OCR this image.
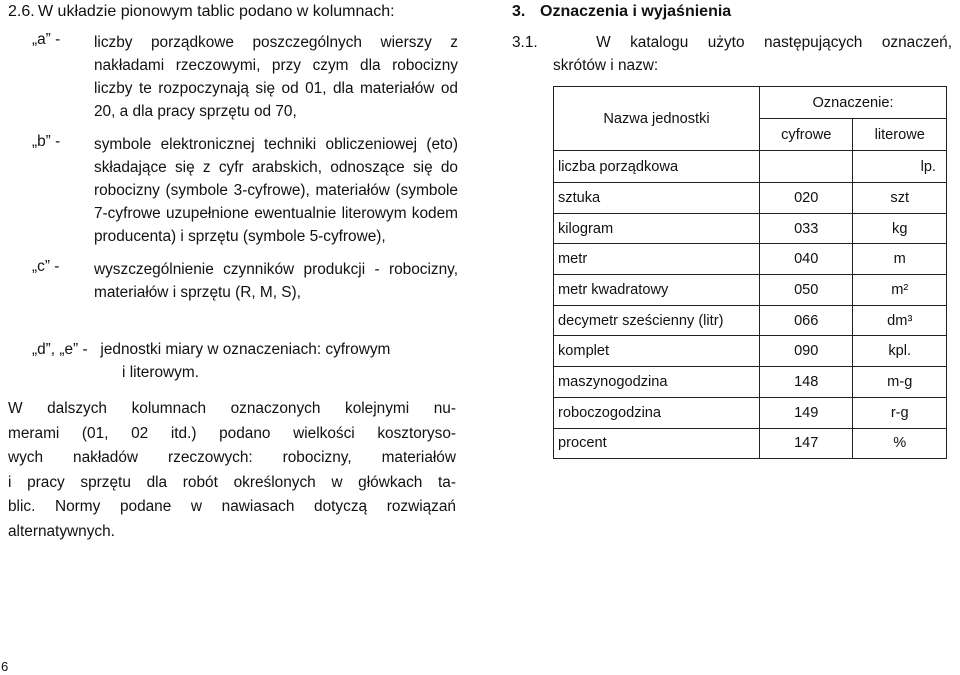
2.6. W układzie pionowym tablic podano w kolumnach:
„a” -	liczby porządkowe poszczególnych wierszy z nakładami rzeczowymi, przy czym dla robocizny liczby te rozpoczynają się od 01, dla materiałów od 20, a dla pracy sprzętu od 70,

„b” -	symbole elektronicznej techniki obliczeniowej (eto) składające się z cyfr arabskich, odnoszące się do robocizny (symbole 3-cyfrowe), materiałów (symbole 7-cyfrowe uzupełnione ewentualnie literowym kodem producenta) i sprzętu (symbole 5-cyfrowe),

„c” -	wyszczególnienie czynników produkcji - robocizny, materiałów i sprzętu (R, M, S),
„d”, „e” - jednostki miary w oznaczeniach: cyfrowym
i literowym.
W dalszych kolumnach oznaczonych kolejnymi nu-
merami (01, 02 itd.) podano wielkości kosztoryso-
wych nakładów rzeczowych: robocizny, materiałów
i pracy sprzętu dla robót określonych w główkach ta-
blic. Normy podane w nawiasach dotyczą rozwiązań
alternatywnych.
3. Oznaczenia i wyjaśnienia
3.1.	W katalogu użyto następujących oznaczeń,
skrótów i nazw:
Nazwa jednostki	Oznaczenie:	
	cyfrowe	literowe
liczba porządkowa		lp.
sztuka	020	szt
kilogram	033	kg
metr	040	m
metr kwadratowy	050	m²
decymetr sześcienny (litr)	066	dm³
komplet	090	kpl.
maszynogodzina	148	m-g
roboczogodzina	149	r-g
procent	147	%
6
